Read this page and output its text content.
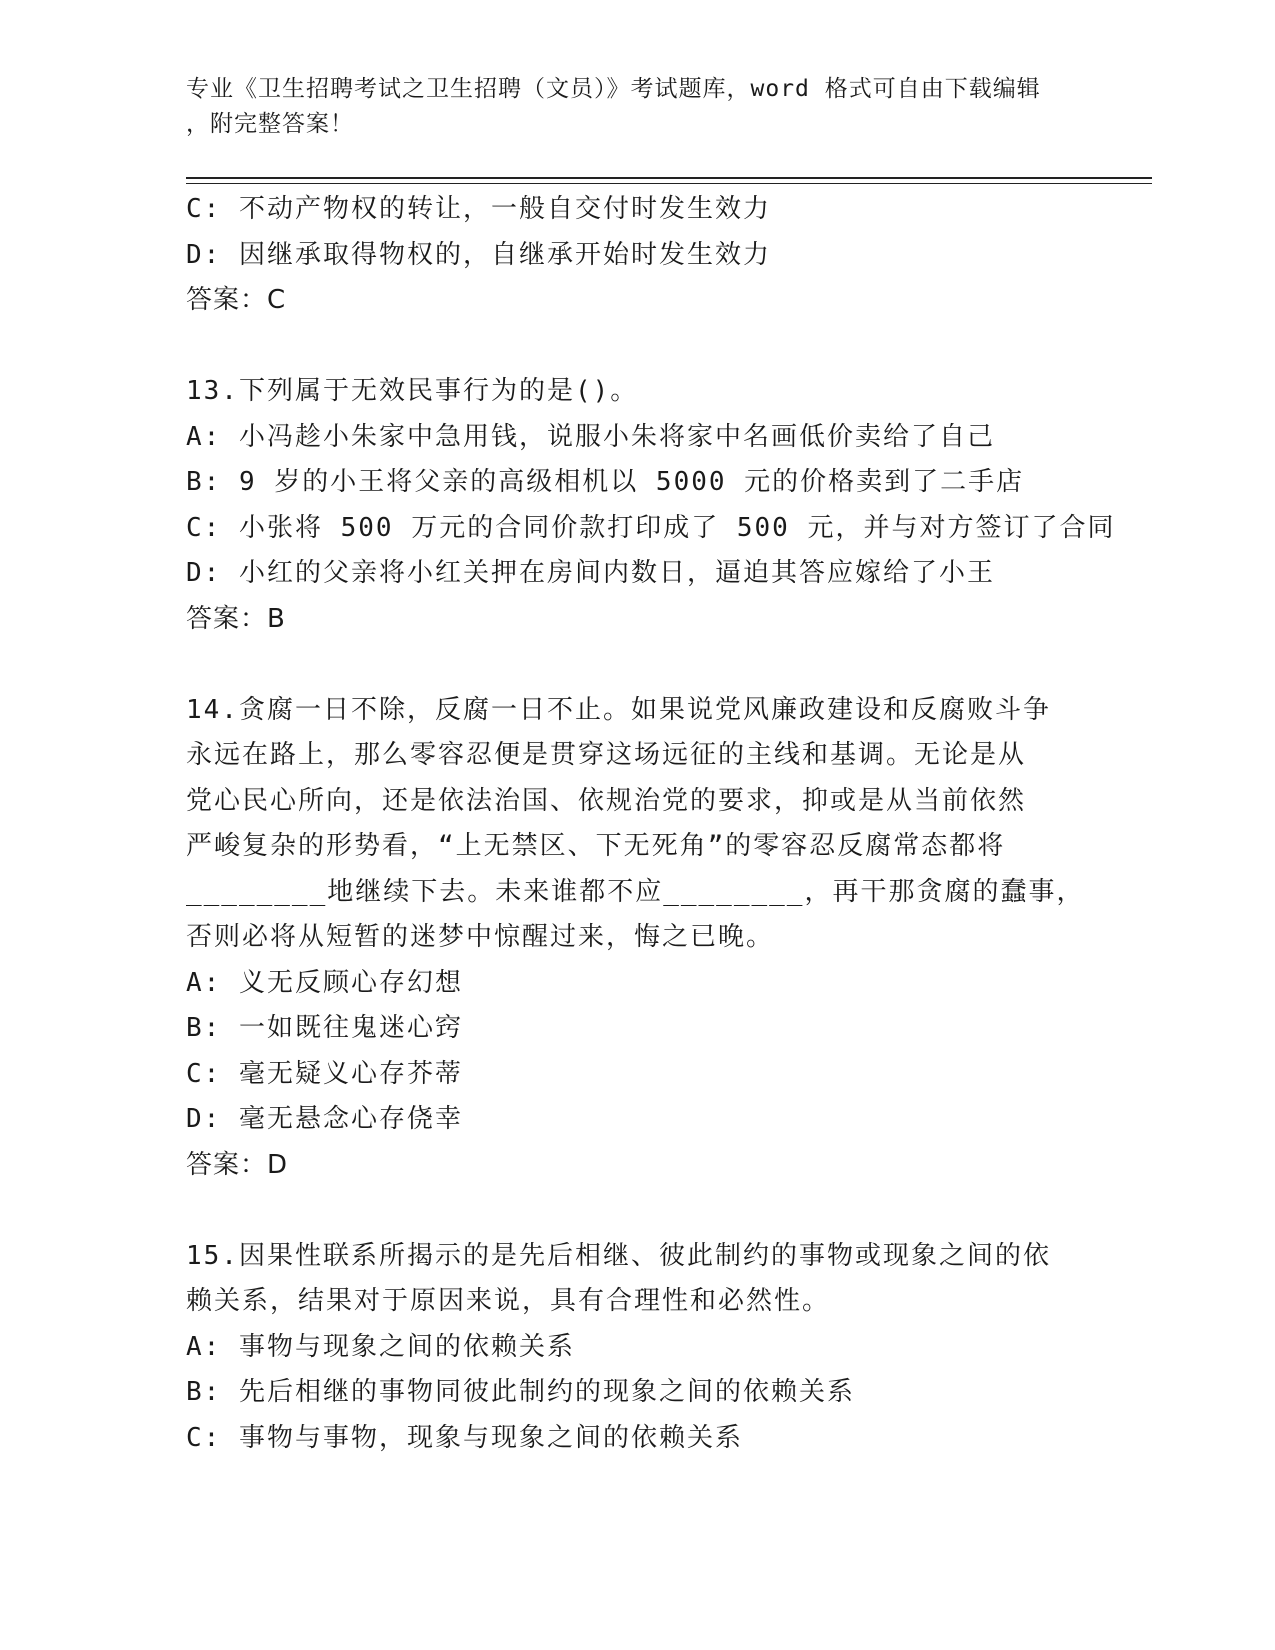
专业《卫生招聘考试之卫生招聘（文员）》考试题库，word 格式可自由下载编辑
，附完整答案！
C: 不动产物权的转让，一般自交付时发生效力
D: 因继承取得物权的，自继承开始时发生效力
答案：C
13.下列属于无效民事行为的是()。
A: 小冯趁小朱家中急用钱，说服小朱将家中名画低价卖给了自己
B: 9 岁的小王将父亲的高级相机以 5000 元的价格卖到了二手店
C: 小张将 500 万元的合同价款打印成了 500 元，并与对方签订了合同
D: 小红的父亲将小红关押在房间内数日，逼迫其答应嫁给了小王
答案：B
14.贪腐一日不除，反腐一日不止。如果说党风廉政建设和反腐败斗争
永远在路上，那么零容忍便是贯穿这场远征的主线和基调。无论是从
党心民心所向，还是依法治国、依规治党的要求，抑或是从当前依然
严峻复杂的形势看，“上无禁区、下无死角”的零容忍反腐常态都将
________地继续下去。未来谁都不应________，再干那贪腐的蠢事，
否则必将从短暂的迷梦中惊醒过来，悔之已晚。
A: 义无反顾心存幻想
B: 一如既往鬼迷心窍
C: 毫无疑义心存芥蒂
D: 毫无悬念心存侥幸
答案：D
15.因果性联系所揭示的是先后相继、彼此制约的事物或现象之间的依
赖关系，结果对于原因来说，具有合理性和必然性。
A: 事物与现象之间的依赖关系
B: 先后相继的事物同彼此制约的现象之间的依赖关系
C: 事物与事物，现象与现象之间的依赖关系
